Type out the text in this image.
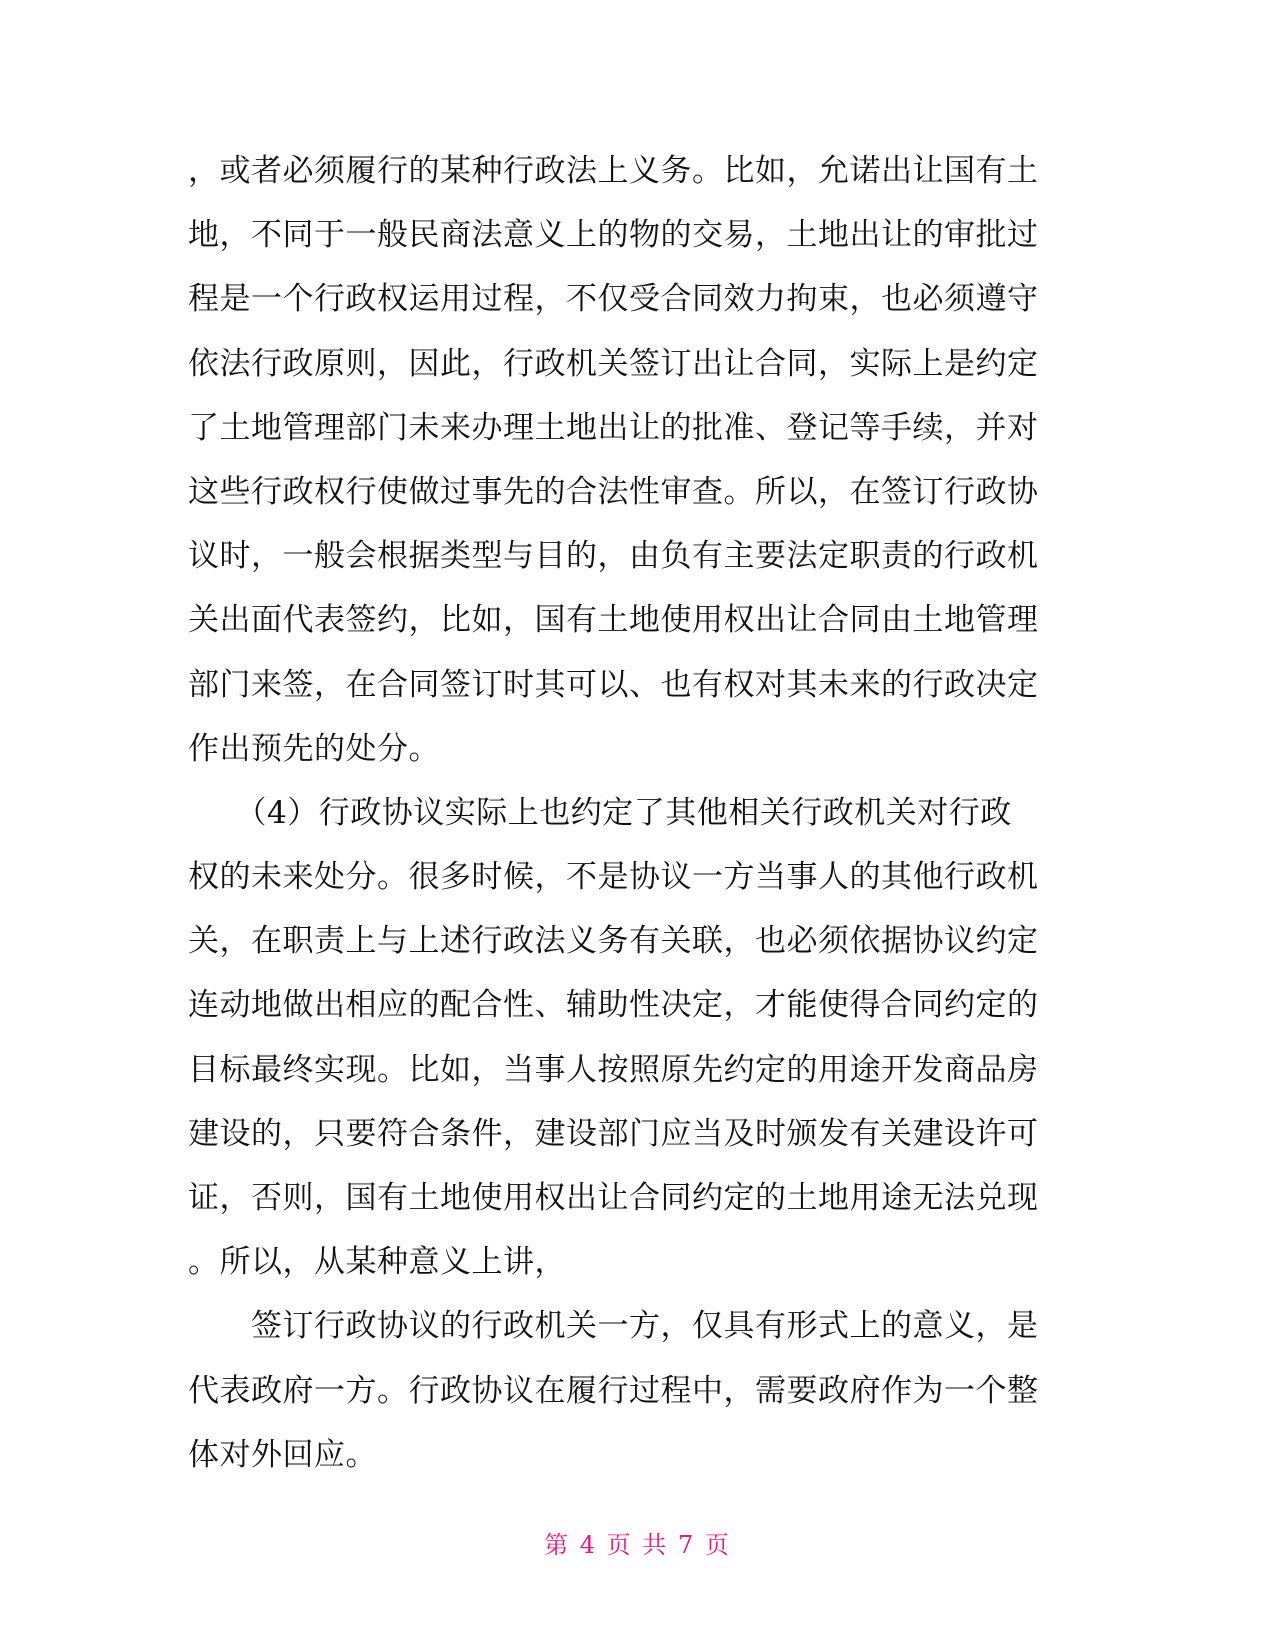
，或者必须履行的某种行政法上义务。比如，允诺出让国有土
地，不同于一般民商法意义上的物的交易，土地出让的审批过
程是一个行政权运用过程，不仅受合同效力拘束，也必须遵守
依法行政原则，因此，行政机关签订出让合同，实际上是约定
了土地管理部门未来办理土地出让的批准、登记等手续，并对
这些行政权行使做过事先的合法性审查。所以，在签订行政协
议时，一般会根据类型与目的，由负有主要法定职责的行政机
关出面代表签约，比如，国有土地使用权出让合同由土地管理
部门来签，在合同签订时其可以、也有权对其未来的行政决定
作出预先的处分。
　　（4）行政协议实际上也约定了其他相关行政机关对行政
权的未来处分。很多时候，不是协议一方当事人的其他行政机
关，在职责上与上述行政法义务有关联，也必须依据协议约定
连动地做出相应的配合性、辅助性决定，才能使得合同约定的
目标最终实现。比如，当事人按照原先约定的用途开发商品房
建设的，只要符合条件，建设部门应当及时颁发有关建设许可
证，否则，国有土地使用权出让合同约定的土地用途无法兑现
。所以，从某种意义上讲，
　　签订行政协议的行政机关一方，仅具有形式上的意义，是
代表政府一方。行政协议在履行过程中，需要政府作为一个整
体对外回应。
第 4 页 共 7 页
